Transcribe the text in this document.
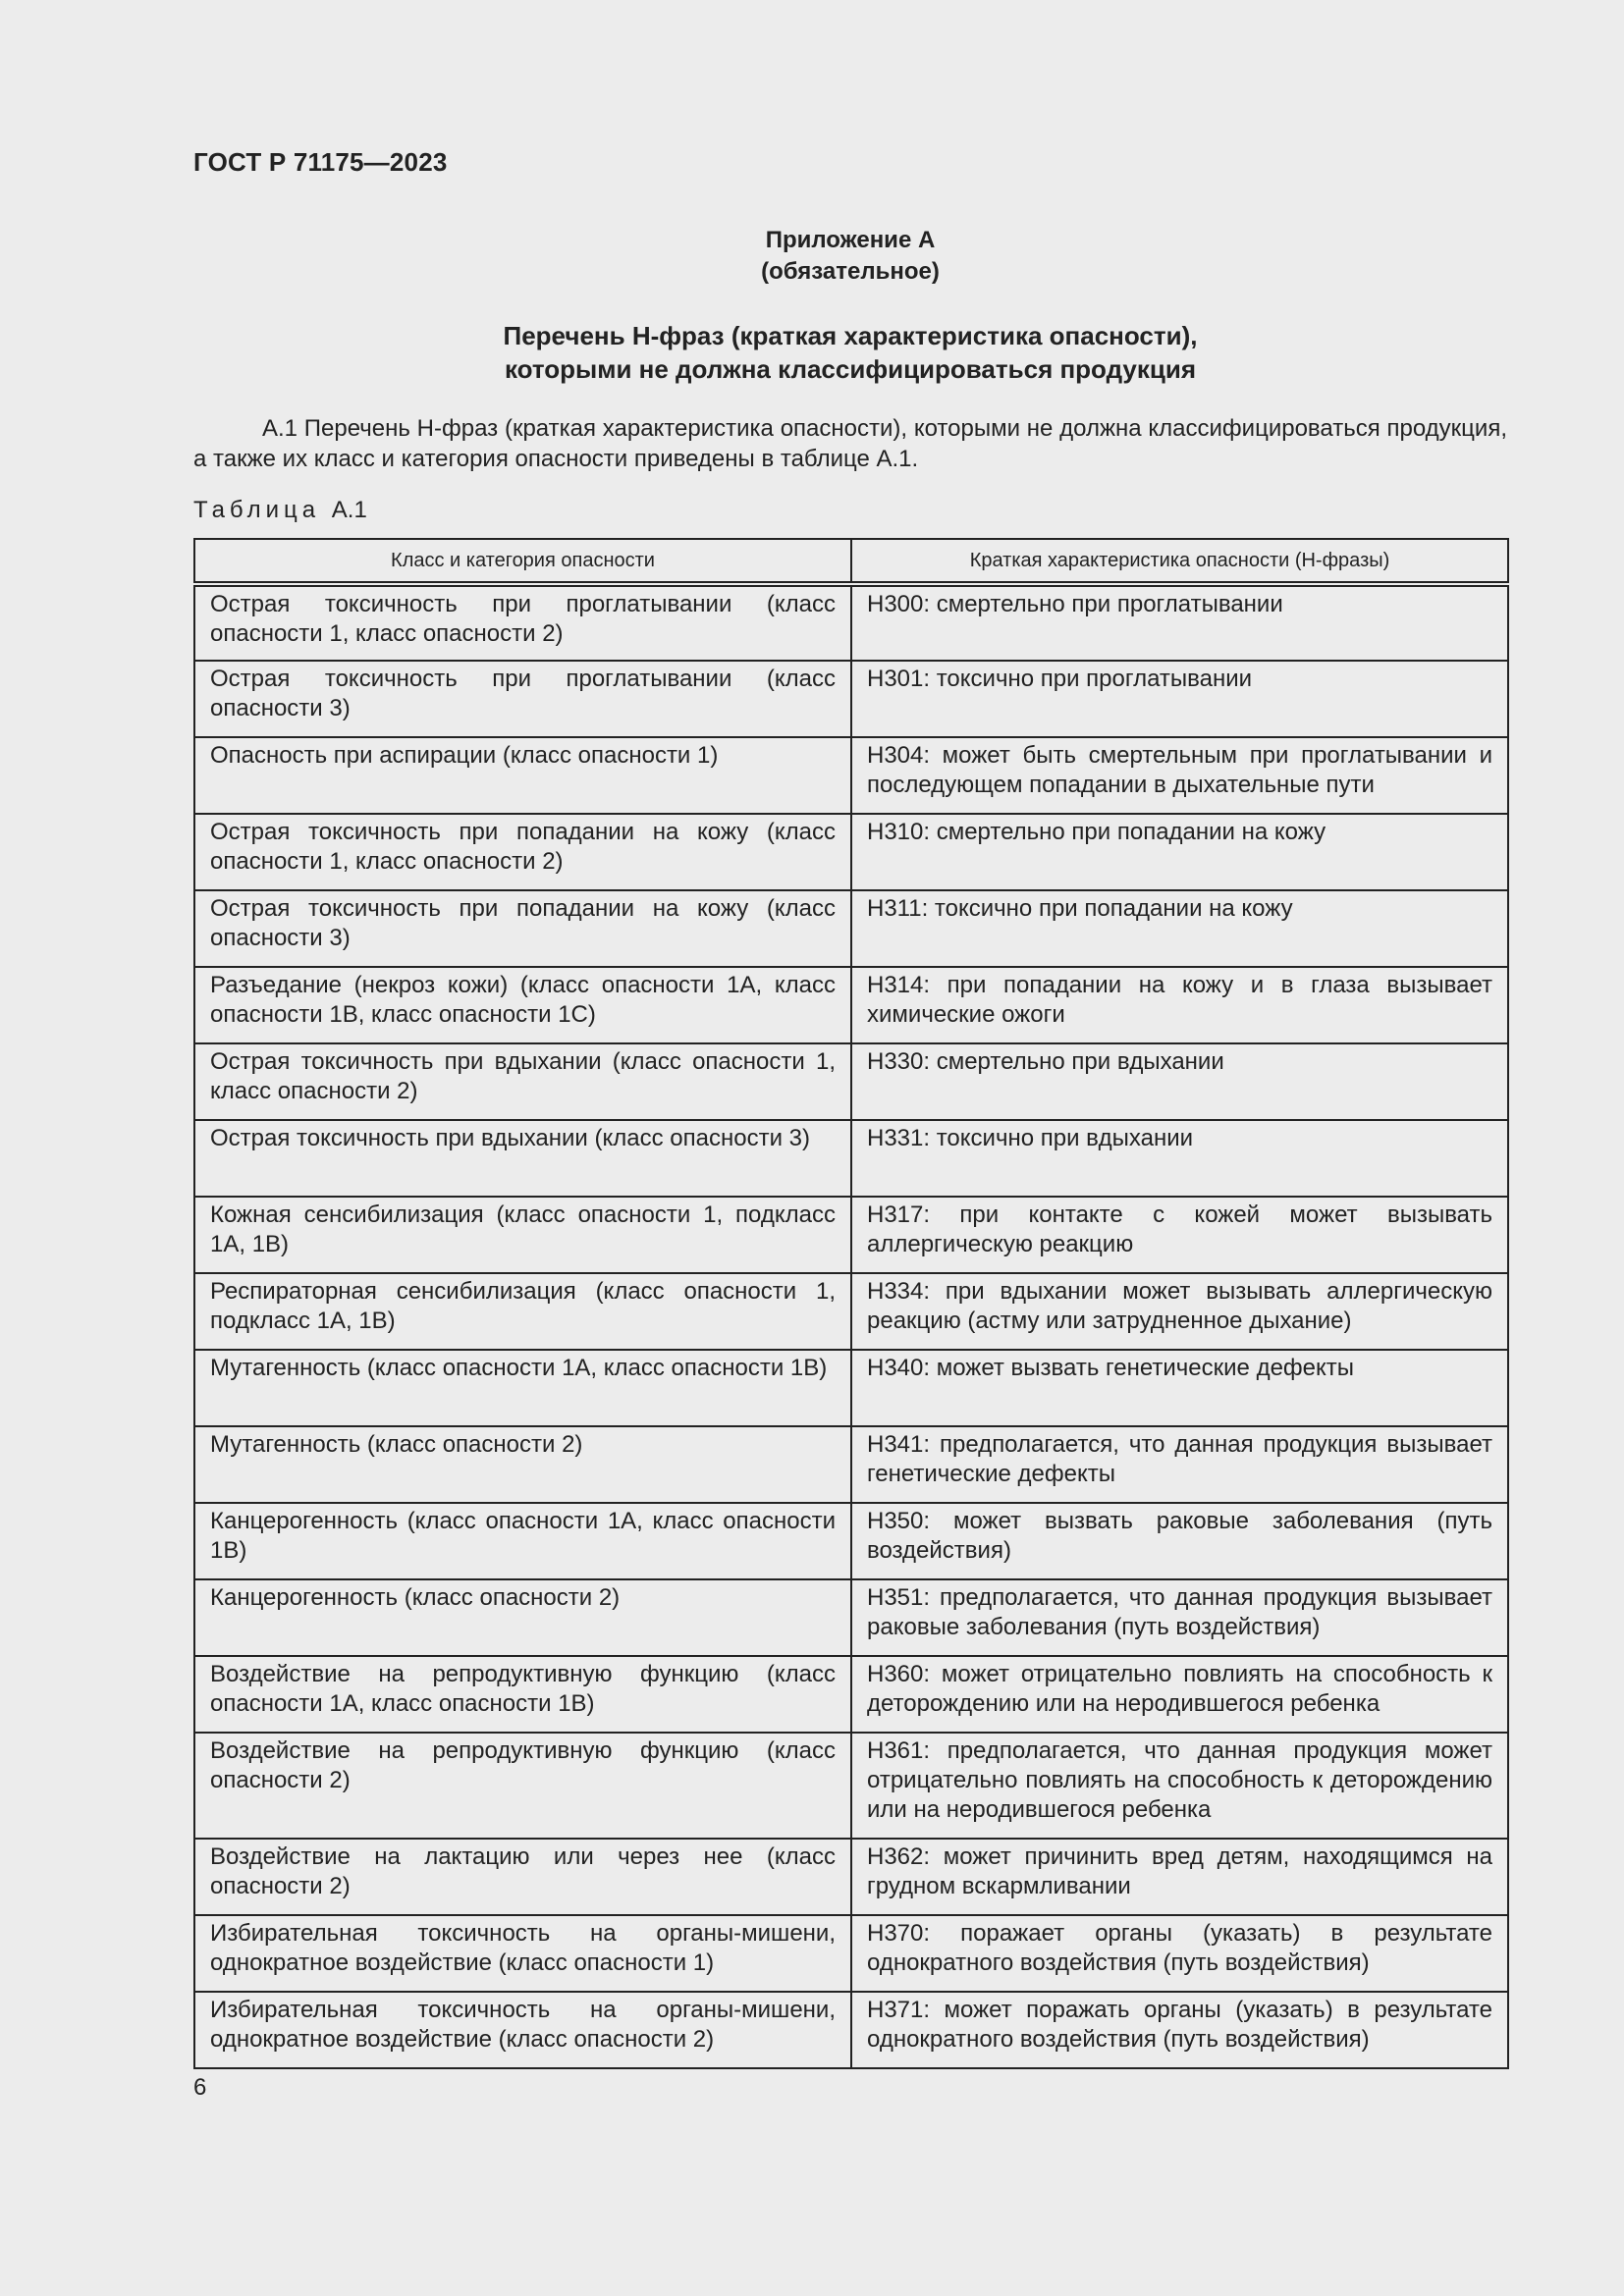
ГОСТ Р 71175—2023
Приложение А
(обязательное)
Перечень Н-фраз (краткая характеристика опасности),
которыми не должна классифицироваться продукция

А.1 Перечень Н-фраз (краткая характеристика опасности), которыми не должна классифицироваться продукция, а также их класс и категория опасности приведены в таблице А.1.

Таблица А.1
Класс и категория опасности	Краткая характеристика опасности (Н-фразы)
Острая токсичность при проглатывании (класс опасности 1, класс опасности 2)	Н300: смертельно при проглатывании
Острая токсичность при проглатывании (класс опасности 3)	Н301: токсично при проглатывании
Опасность при аспирации (класс опасности 1)	Н304: может быть смертельным при проглатывании и последующем попадании в дыхательные пути
Острая токсичность при попадании на кожу (класс опасности 1, класс опасности 2)	Н310: смертельно при попадании на кожу
Острая токсичность при попадании на кожу (класс опасности 3)	Н311: токсично при попадании на кожу
Разъедание (некроз кожи) (класс опасности 1А, класс опасности 1В, класс опасности 1С)	Н314: при попадании на кожу и в глаза вызывает химические ожоги
Острая токсичность при вдыхании (класс опасности 1, класс опасности 2)	Н330: смертельно при вдыхании
Острая токсичность при вдыхании (класс опасности 3)	Н331: токсично при вдыхании
Кожная сенсибилизация (класс опасности 1, подкласс 1А, 1В)	Н317: при контакте с кожей может вызывать аллергическую реакцию
Респираторная сенсибилизация (класс опасности 1, подкласс 1А, 1В)	Н334: при вдыхании может вызывать аллергическую реакцию (астму или затрудненное дыхание)
Мутагенность (класс опасности 1А, класс опасности 1В)	Н340: может вызвать генетические дефекты
Мутагенность (класс опасности 2)	Н341: предполагается, что данная продукция вызывает генетические дефекты
Канцерогенность (класс опасности 1А, класс опасности 1В)	Н350: может вызвать раковые заболевания (путь воздействия)
Канцерогенность (класс опасности 2)	Н351: предполагается, что данная продукция вызывает раковые заболевания (путь воздействия)
Воздействие на репродуктивную функцию (класс опасности 1А, класс опасности 1В)	Н360: может отрицательно повлиять на способность к деторождению или на неродившегося ребенка
Воздействие на репродуктивную функцию (класс опасности 2)	Н361: предполагается, что данная продукция может отрицательно повлиять на способность к деторождению или на неродившегося ребенка
Воздействие на лактацию или через нее (класс опасности 2)	Н362: может причинить вред детям, находящимся на грудном вскармливании
Избирательная токсичность на органы-мишени, однократное воздействие (класс опасности 1)	Н370: поражает органы (указать) в результате однократного воздействия (путь воздействия)
Избирательная токсичность на органы-мишени, однократное воздействие (класс опасности 2)	Н371: может поражать органы (указать) в результате однократного воздействия (путь воздействия)
6
